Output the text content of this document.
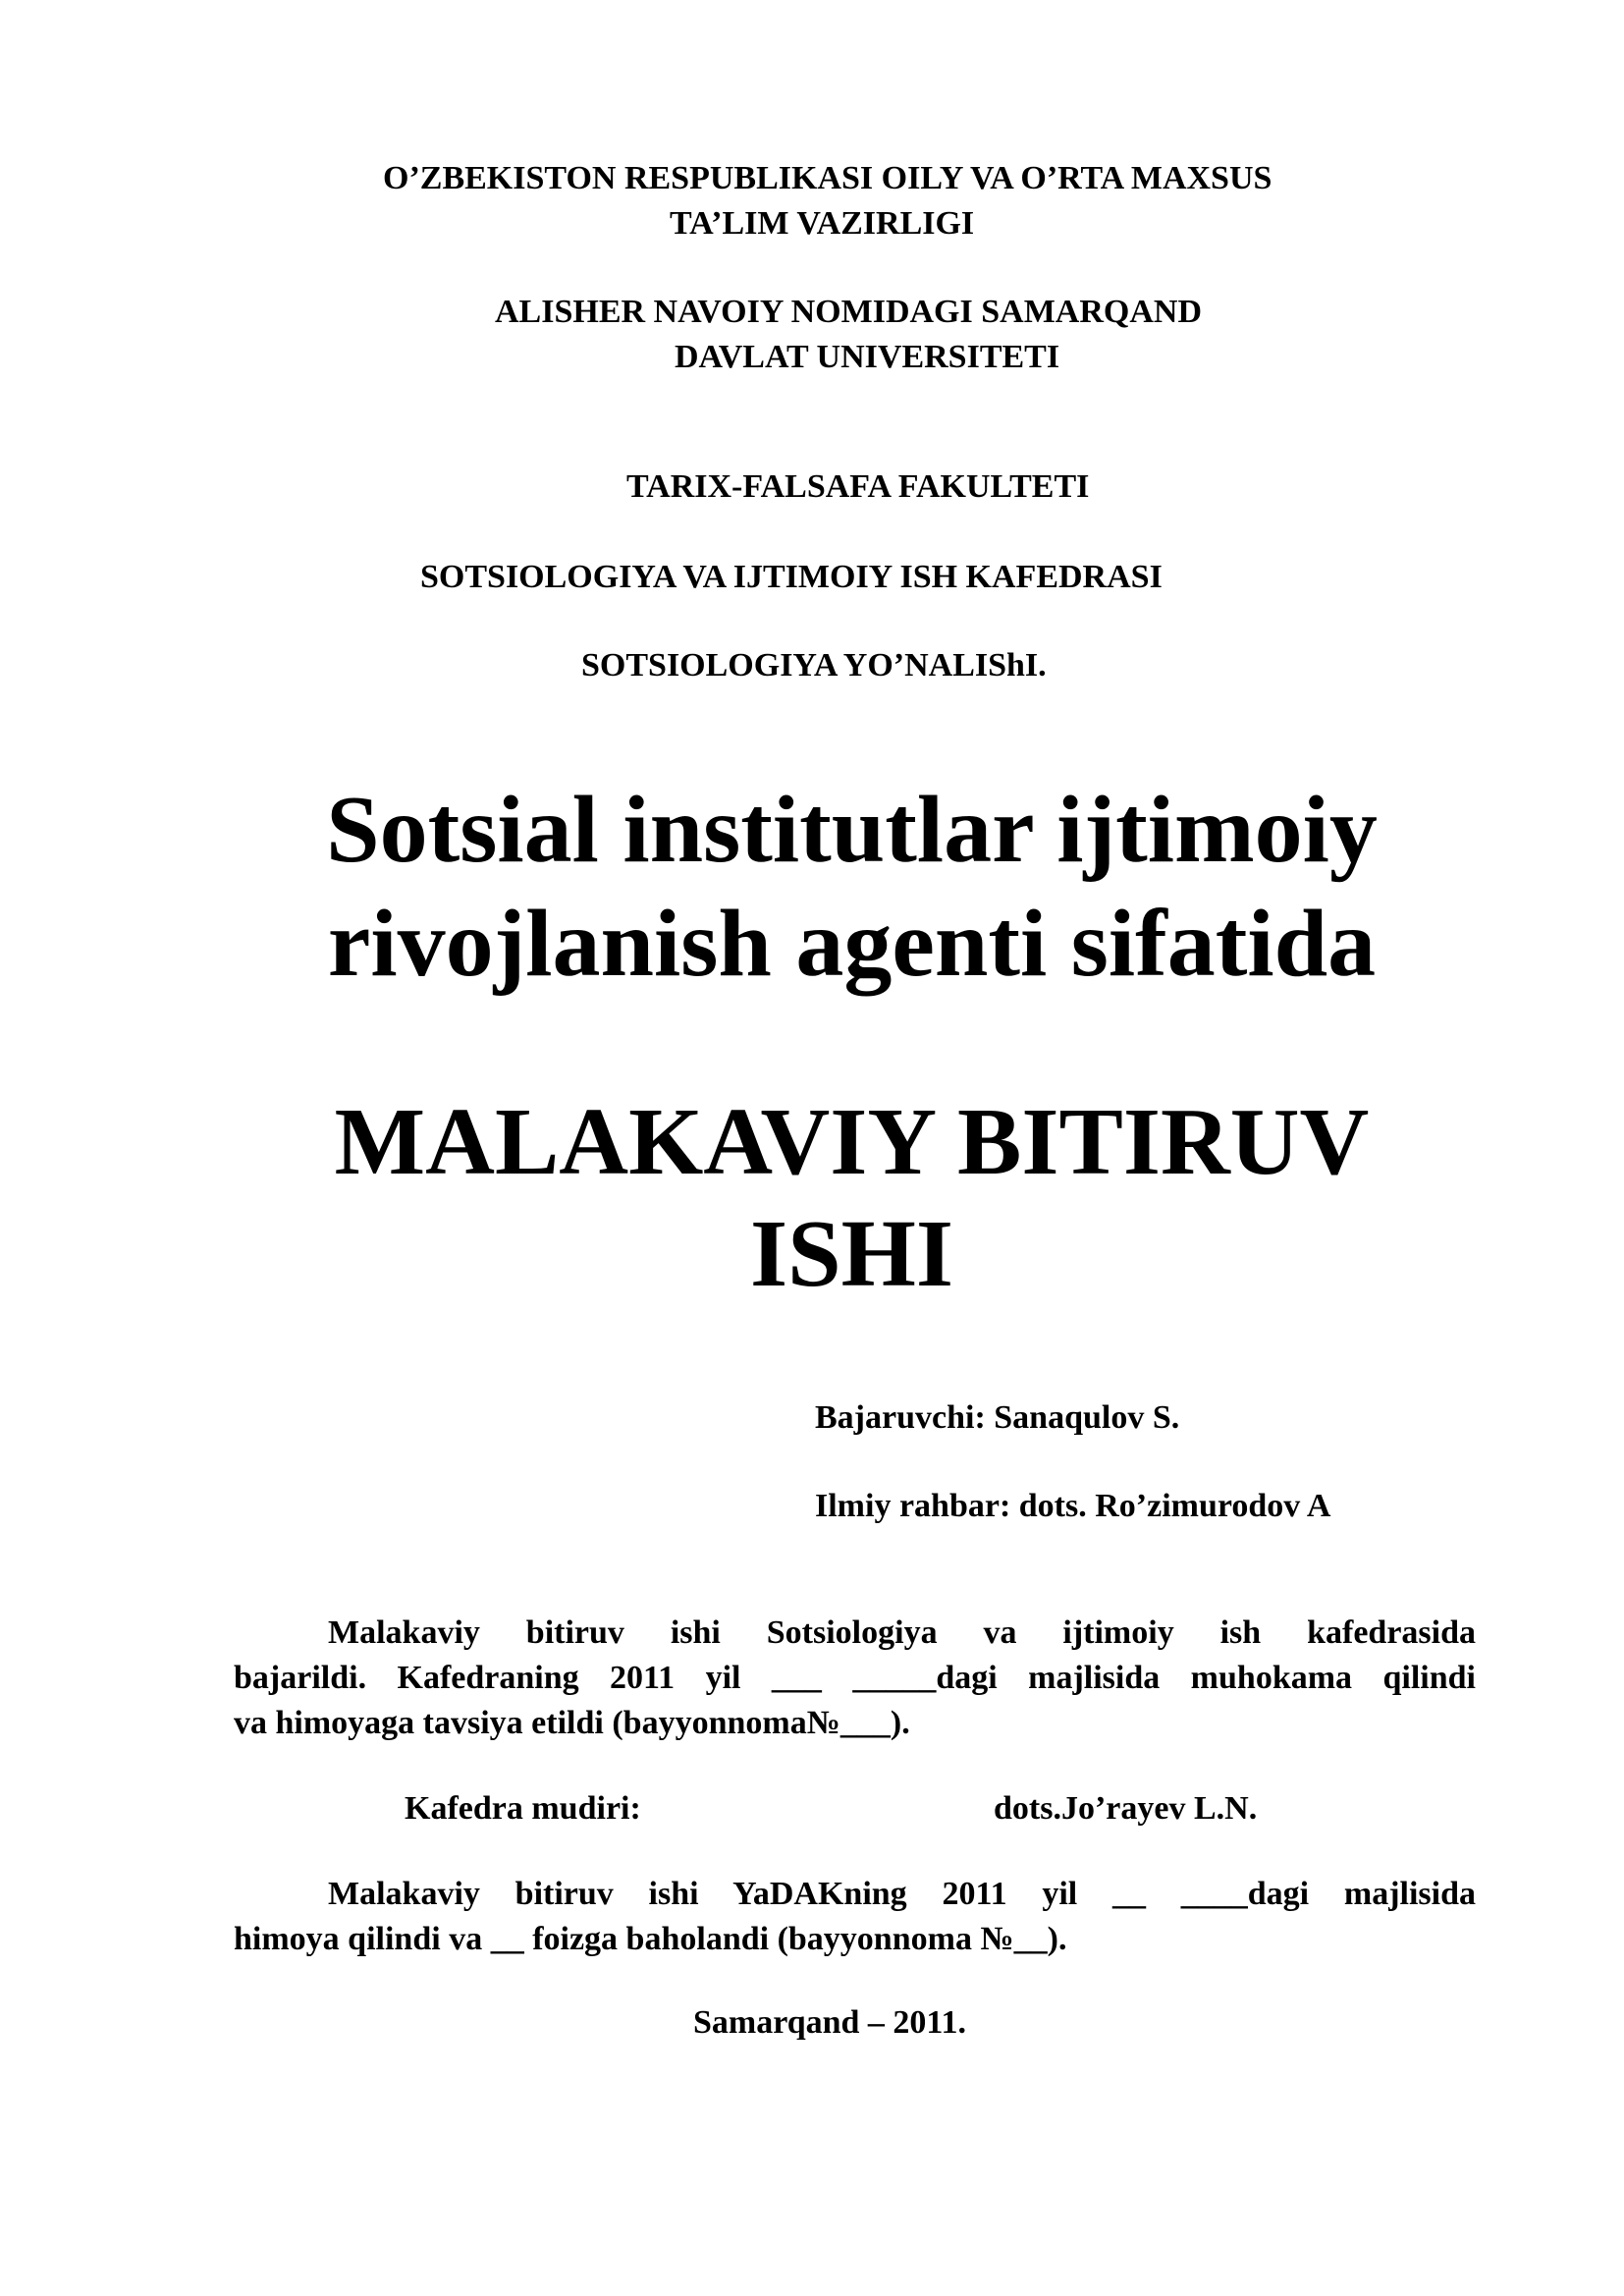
O’ZBEKISTON RESPUBLIKASI OILY VA O’RTA MAXSUS

TA’LIM VAZIRLIGI

ALISHER NAVOIY NOMIDAGI SAMARQAND

DAVLAT UNIVERSITETI

TARIX-FALSAFA FAKULTETI

SOTSIOLOGIYA VA IJTIMOIY ISH KAFEDRASI

SOTSIOLOGIYA YO’NALIShI.

Sotsial institutlar ijtimoiy

rivojlanish agenti sifatida

MALAKAVIY BITIRUV

ISHI

Bajaruvchi: Sanaqulov S.

Ilmiy rahbar: dots. Ro’zimurodov A

Malakaviy bitiruv ishi Sotsiologiya va ijtimoiy ish kafedrasida
bajarildi. Kafedraning 2011 yil ___ _____dagi majlisida muhokama qilindi
va himoyaga tavsiya etildi (bayyonnoma№___).

Kafedra mudiri:	dots.Jo’rayev L.N.

Malakaviy bitiruv ishi YaDAKning 2011 yil __ ____dagi majlisida
himoya qilindi va __ foizga baholandi (bayyonnoma №__).

Samarqand – 2011.
